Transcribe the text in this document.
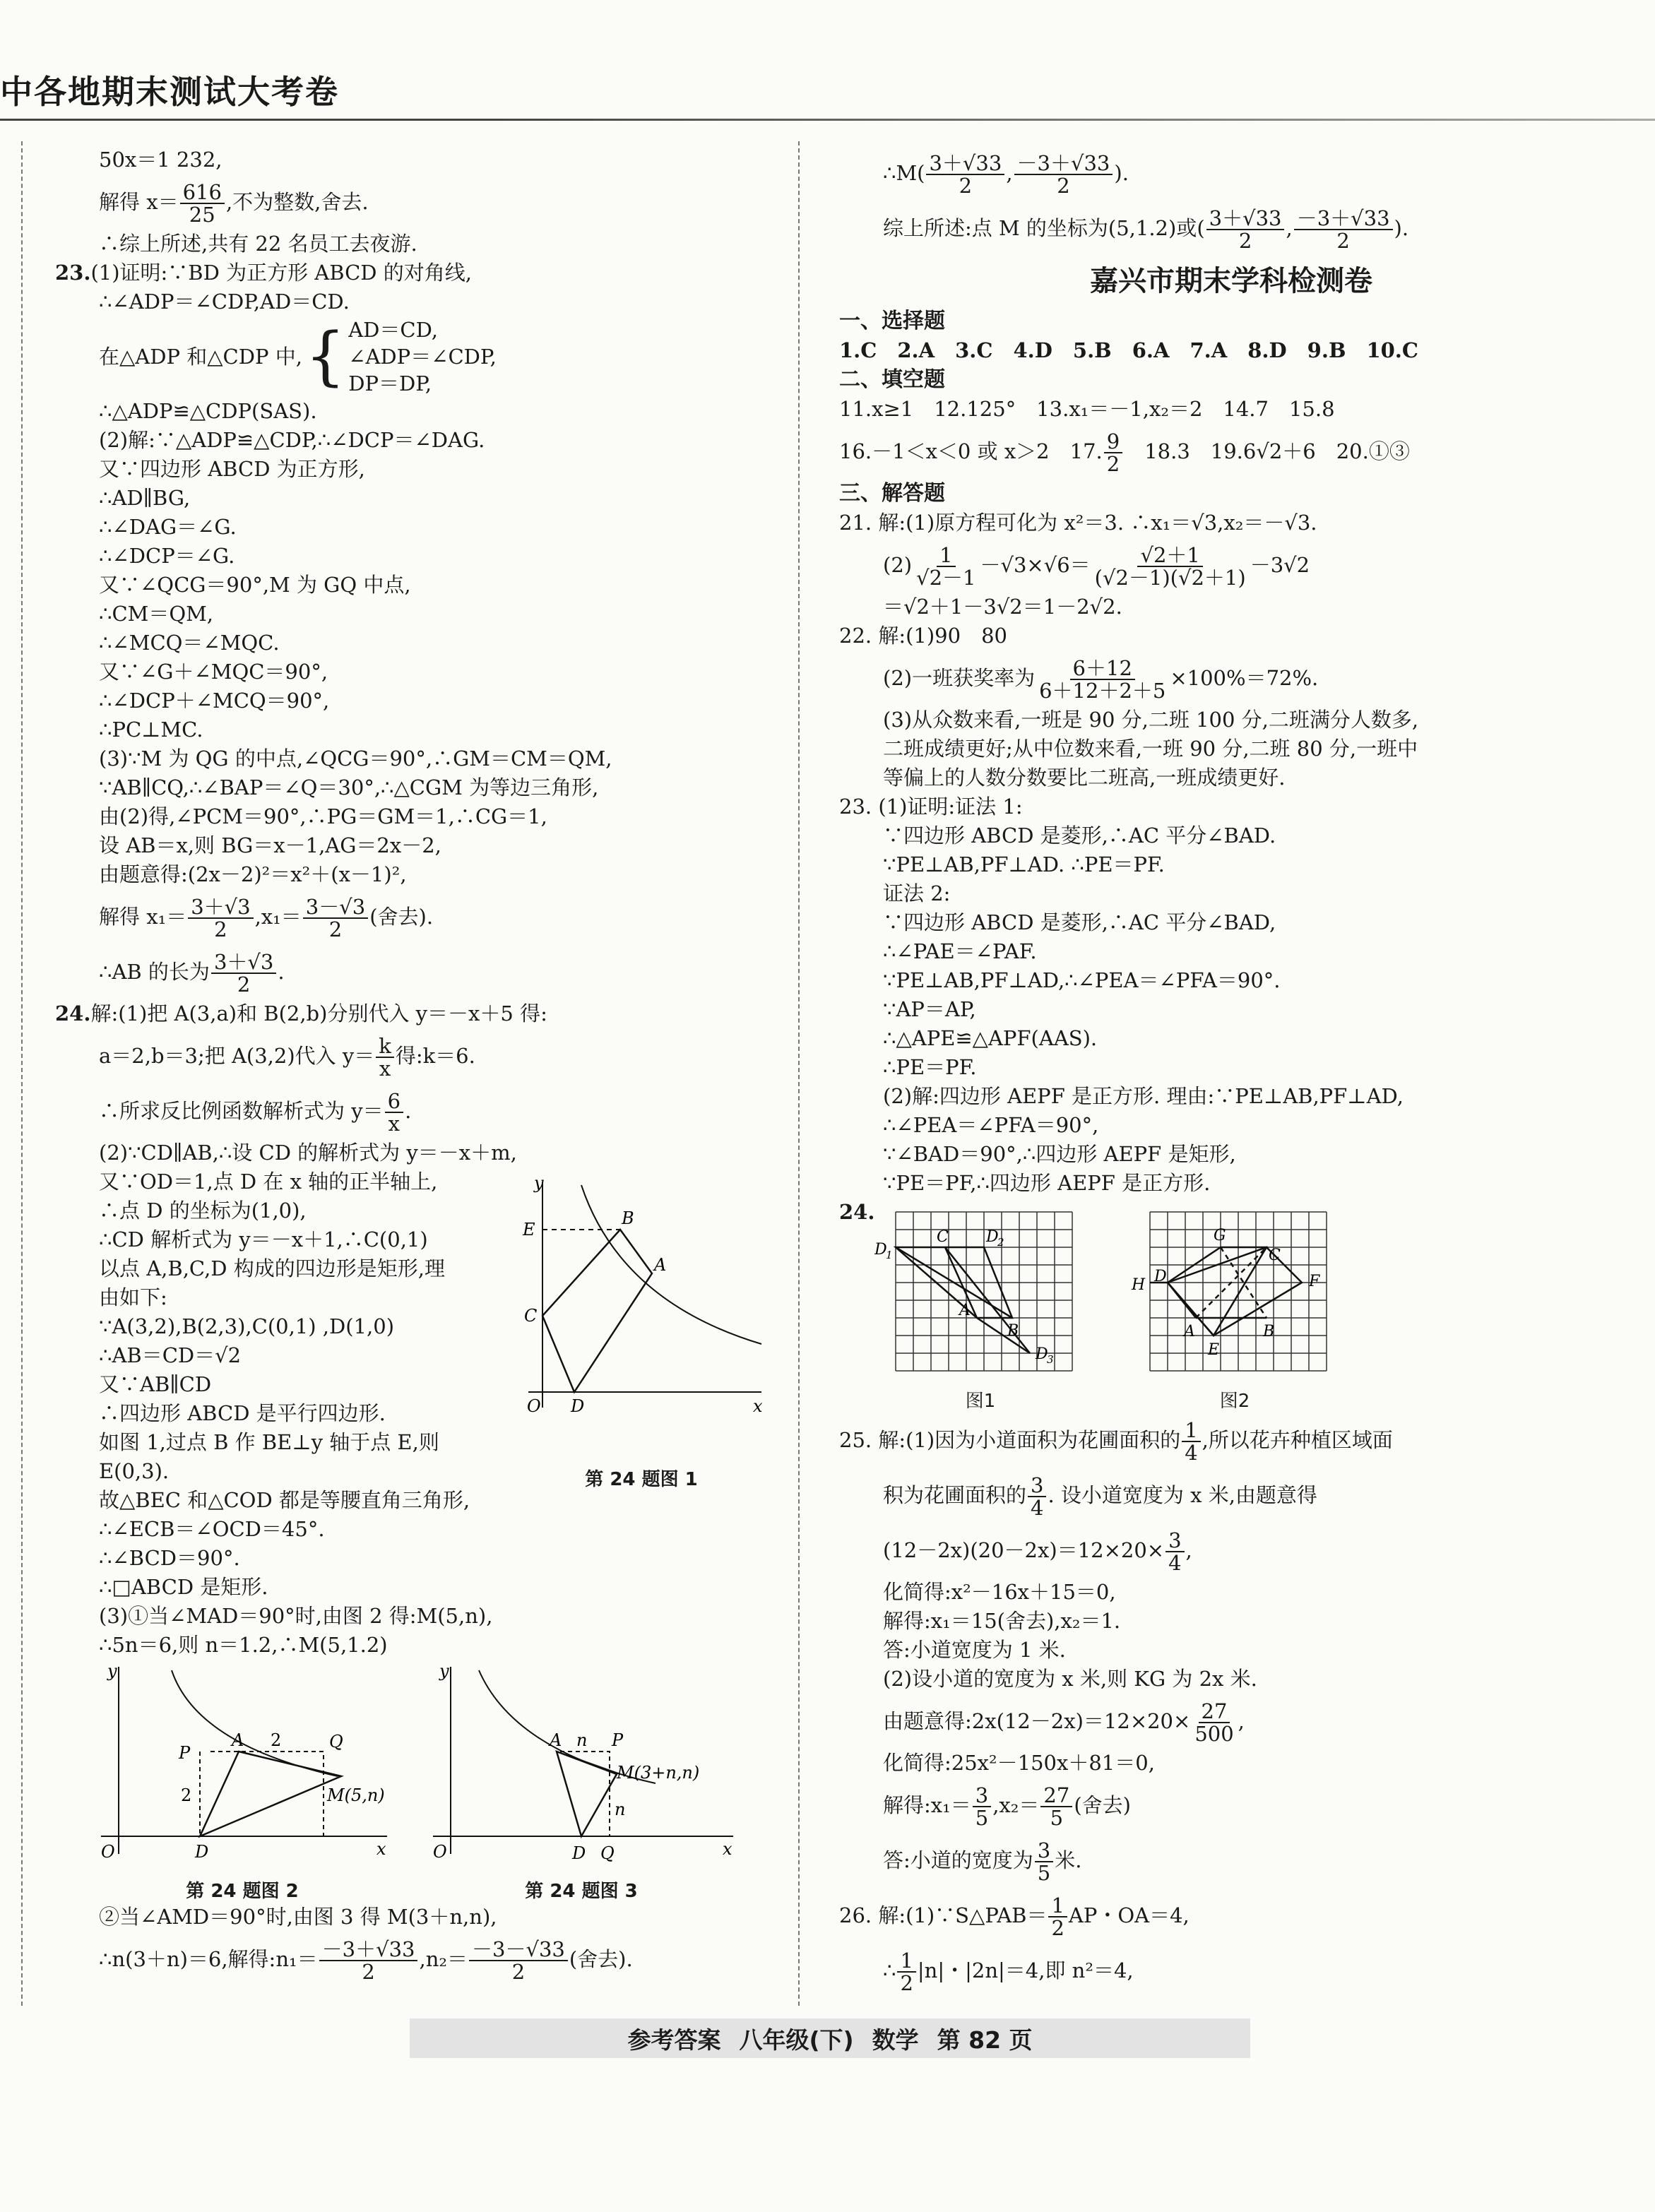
中各地期末测试大考卷
50x＝1 232,
解得 $x= \frac{616}{25}$ ,不为整数,舍去.
∴综上所述,共有 22 名员工去夜游.
23.(1)证明:∵BD 为正方形 ABCD 的对角线,
∴∠ADP＝∠CDP,AD＝CD.
在△ADP 和△CDP 中, { AD＝CD,
∠ADP＝∠CDP,
DP＝DP,
∴△ADP≌△CDP(SAS).
(2)解:∵△ADP≌△CDP,∴∠DCP＝∠DAG.
又∵四边形 ABCD 为正方形,
∴AD∥BG,
∴∠DAG＝∠G.
∴∠DCP＝∠G.
又∵∠QCG＝90°,M 为 GQ 中点,
∴CM＝QM,
∴∠MCQ＝∠MQC.
又∵∠G＋∠MQC＝90°,
∴∠DCP＋∠MCQ＝90°,
∴PC⊥MC.
(3)∵M 为 QG 的中点,∠QCG＝90°,∴GM＝CM＝QM,
∵AB∥CQ,∴∠BAP＝∠Q＝30°,∴△CGM 为等边三角形,
由(2)得,∠PCM＝90°,∴PG＝GM＝1,∴CG＝1,
设 AB＝x,则 BG＝x－1,AG＝2x－2,
由题意得:(2x－2)²＝x²＋(x－1)²,
解得 $x_1= \frac{3+√3}{2} ,x_1= \frac{3-√3}{2}$ (舍去).
∴AB 的长为 $\frac{3+√3}{2}$ .
24.解:(1)把 A(3,a)和 B(2,b)分别代入 y＝－x＋5 得:
a＝2,b＝3;把 A(3,2)代入 $y= \frac{k}{x}$ 得:k＝6.
∴所求反比例函数解析式为 $y= \frac{6}{x}$ .
(2)∵CD∥AB,∴设 CD 的解析式为 y＝－x＋m,
又∵OD＝1,点 D 在 x 轴的正半轴上,
∴点 D 的坐标为(1,0),
∴CD 解析式为 y＝－x＋1,∴C(0,1)
以点 A,B,C,D 构成的四边形是矩形,理
由如下:
∵A(3,2),B(2,3),C(0,1) ,D(1,0)
∴AB＝CD＝√2
又∵AB∥CD
∴四边形 ABCD 是平行四边形.
如图 1,过点 B 作 BE⊥y 轴于点 E,则
E(0,3).
y
x
O
E
B
A
C
D
故△BEC 和△COD 都是等腰直角三角形,
第 24 题图 1
∴∠ECB＝∠OCD＝45°.
∴∠BCD＝90°.
∴□ABCD 是矩形.
(3)①当∠MAD＝90°时,由图 2 得:M(5,n),
∴5n＝6,则 n＝1.2,∴M(5,1.2)
y
x
O
P
A 2	Q
2	M(5,n)
D
第 24 题图 2
y
x
O
A n P
M(3+n,n)
n
D Q
第 24 题图 3
②当∠AMD＝90°时,由图 3 得 M(3＋n,n),
∴n(3＋n)＝6,解得:n₁＝ $\frac{-3+√33}{2} ,n_2= \frac{-3-√33}{2}$ (舍去).
∴M( $\frac{3+√33}{2}$ , $\frac{-3+√33}{2}$ ).
综上所述:点 M 的坐标为(5,1.2)或( $\frac{3+√33}{2}$ , $\frac{-3+√33}{2}$ ).
嘉兴市期末学科检测卷
一、选择题
1.C　2.A　3.C　4.D　5.B　6.A　7.A　8.D　9.B　10.C
二、填空题
11.x≥1　12.125°　13.x₁＝－1,x₂＝2　14.7　15.8
16.－1＜x＜0 或 x＞2　17. $\frac{9}{2}$ 　18.3　19.6√2＋6　20.①③
三、解答题
21. 解:(1)原方程可化为 x²＝3. ∴x₁＝√3,x₂＝－√3.
$(2) \frac{1}{√2-1} -√3\times√6= \frac{√2+1}{(√2-1)(√2+1)} -3√2$
＝√2＋1－3√2＝1－2√2.
22. 解:(1)90　80
(2)一班获奖率为 $\frac{6+12}{6+12+2+5} \times 100\%=72\%$.
(3)从众数来看,一班是 90 分,二班 100 分,二班满分人数多,
二班成绩更好;从中位数来看,一班 90 分,二班 80 分,一班中
等偏上的人数分数要比二班高,一班成绩更好.
23. (1)证明:证法 1:
∵四边形 ABCD 是菱形,∴AC 平分∠BAD.
∵PE⊥AB,PF⊥AD. ∴PE＝PF.
证法 2:
∵四边形 ABCD 是菱形,∴AC 平分∠BAD,
∴∠PAE＝∠PAF.
∵PE⊥AB,PF⊥AD,∴∠PEA＝∠PFA＝90°.
∵AP＝AP,
∴△APE≌△APF(AAS).
∴PE＝PF.
(2)解:四边形 AEPF 是正方形. 理由:∵PE⊥AB,PF⊥AD,
∴∠PEA＝∠PFA＝90°,
∵∠BAD＝90°,∴四边形 AEPF 是矩形,
∵PE＝PF,∴四边形 AEPF 是正方形.
24.
D
1
C D
2
A
B
D
3
图1
G
C
D
H	F
A
E
B
图2
25. 解:(1)因为小道面积为花圃面积的 $\frac{1}{4}$ ,所以花卉种植区域面
积为花圃面积的 $\frac{3}{4}$ . 设小道宽度为 x 米,由题意得
$(12-2x)(20-2x)=12\times 20\times \frac{3}{4}$ ,
化简得:x²－16x＋15＝0,
解得:x₁＝15(舍去),x₂＝1.
答:小道宽度为 1 米.
(2)设小道的宽度为 x 米,则 KG 为 2x 米.
由题意得:2x(12－2x)＝12×20× $\frac{27}{500}$ ,
化简得:25x²－150x＋81＝0,
解得:x₁＝ $\frac{3}{5} ,x_2= \frac{27}{5}$ (舍去)
答:小道的宽度为 $\frac{3}{5}$ 米.
26. 解:(1)∵S△PAB＝ $\frac{1}{2}$ AP・OA＝4,
∴ $\frac{1}{2} |n|$・|2n|＝4,即 n²＝4,
参考答案 八年级(下) 数学 第 82 页
